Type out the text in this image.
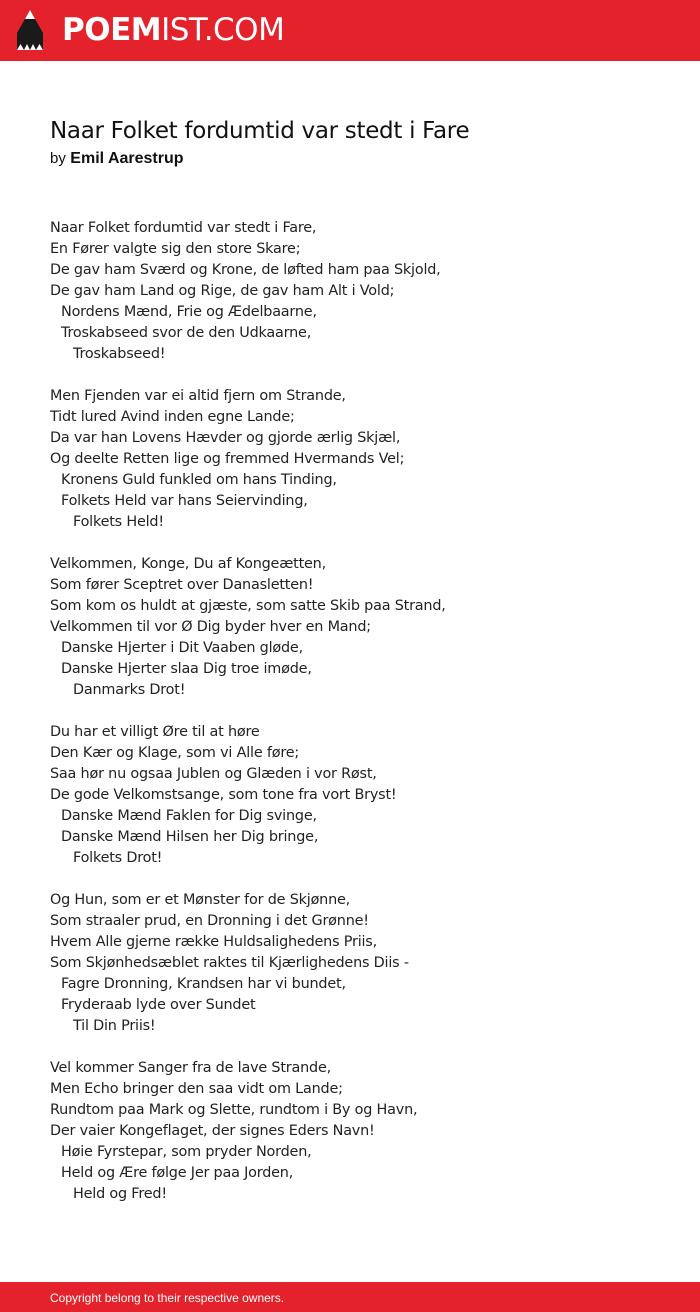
POEMIST.COM
Naar Folket fordumtid var stedt i Fare
by Emil Aarestrup
Naar Folket fordumtid var stedt i Fare,
En Fører valgte sig den store Skare;
De gav ham Sværd og Krone, de løfted ham paa Skjold,
De gav ham Land og Rige, de gav ham Alt i Vold;
Nordens Mænd, Frie og Ædelbaarne,
Troskabseed svor de den Udkaarne,
Troskabseed!
Men Fjenden var ei altid fjern om Strande,
Tidt lured Avind inden egne Lande;
Da var han Lovens Hævder og gjorde ærlig Skjæl,
Og deelte Retten lige og fremmed Hvermands Vel;
Kronens Guld funkled om hans Tinding,
Folkets Held var hans Seiervinding,
Folkets Held!
Velkommen, Konge, Du af Kongeætten,
Som fører Sceptret over Danasletten!
Som kom os huldt at gjæste, som satte Skib paa Strand,
Velkommen til vor Ø Dig byder hver en Mand;
Danske Hjerter i Dit Vaaben gløde,
Danske Hjerter slaa Dig troe imøde,
Danmarks Drot!
Du har et villigt Øre til at høre
Den Kær og Klage, som vi Alle føre;
Saa hør nu ogsaa Jublen og Glæden i vor Røst,
De gode Velkomstsange, som tone fra vort Bryst!
Danske Mænd Faklen for Dig svinge,
Danske Mænd Hilsen her Dig bringe,
Folkets Drot!
Og Hun, som er et Mønster for de Skjønne,
Som straaler prud, en Dronning i det Grønne!
Hvem Alle gjerne række Huldsalighedens Priis,
Som Skjønhedsæblet raktes til Kjærlighedens Diis -
Fagre Dronning, Krandsen har vi bundet,
Fryderaab lyde over Sundet
Til Din Priis!
Vel kommer Sanger fra de lave Strande,
Men Echo bringer den saa vidt om Lande;
Rundtom paa Mark og Slette, rundtom i By og Havn,
Der vaier Kongeflaget, der signes Eders Navn!
Høie Fyrstepar, som pryder Norden,
Held og Ære følge Jer paa Jorden,
Held og Fred!
Copyright belong to their respective owners.
